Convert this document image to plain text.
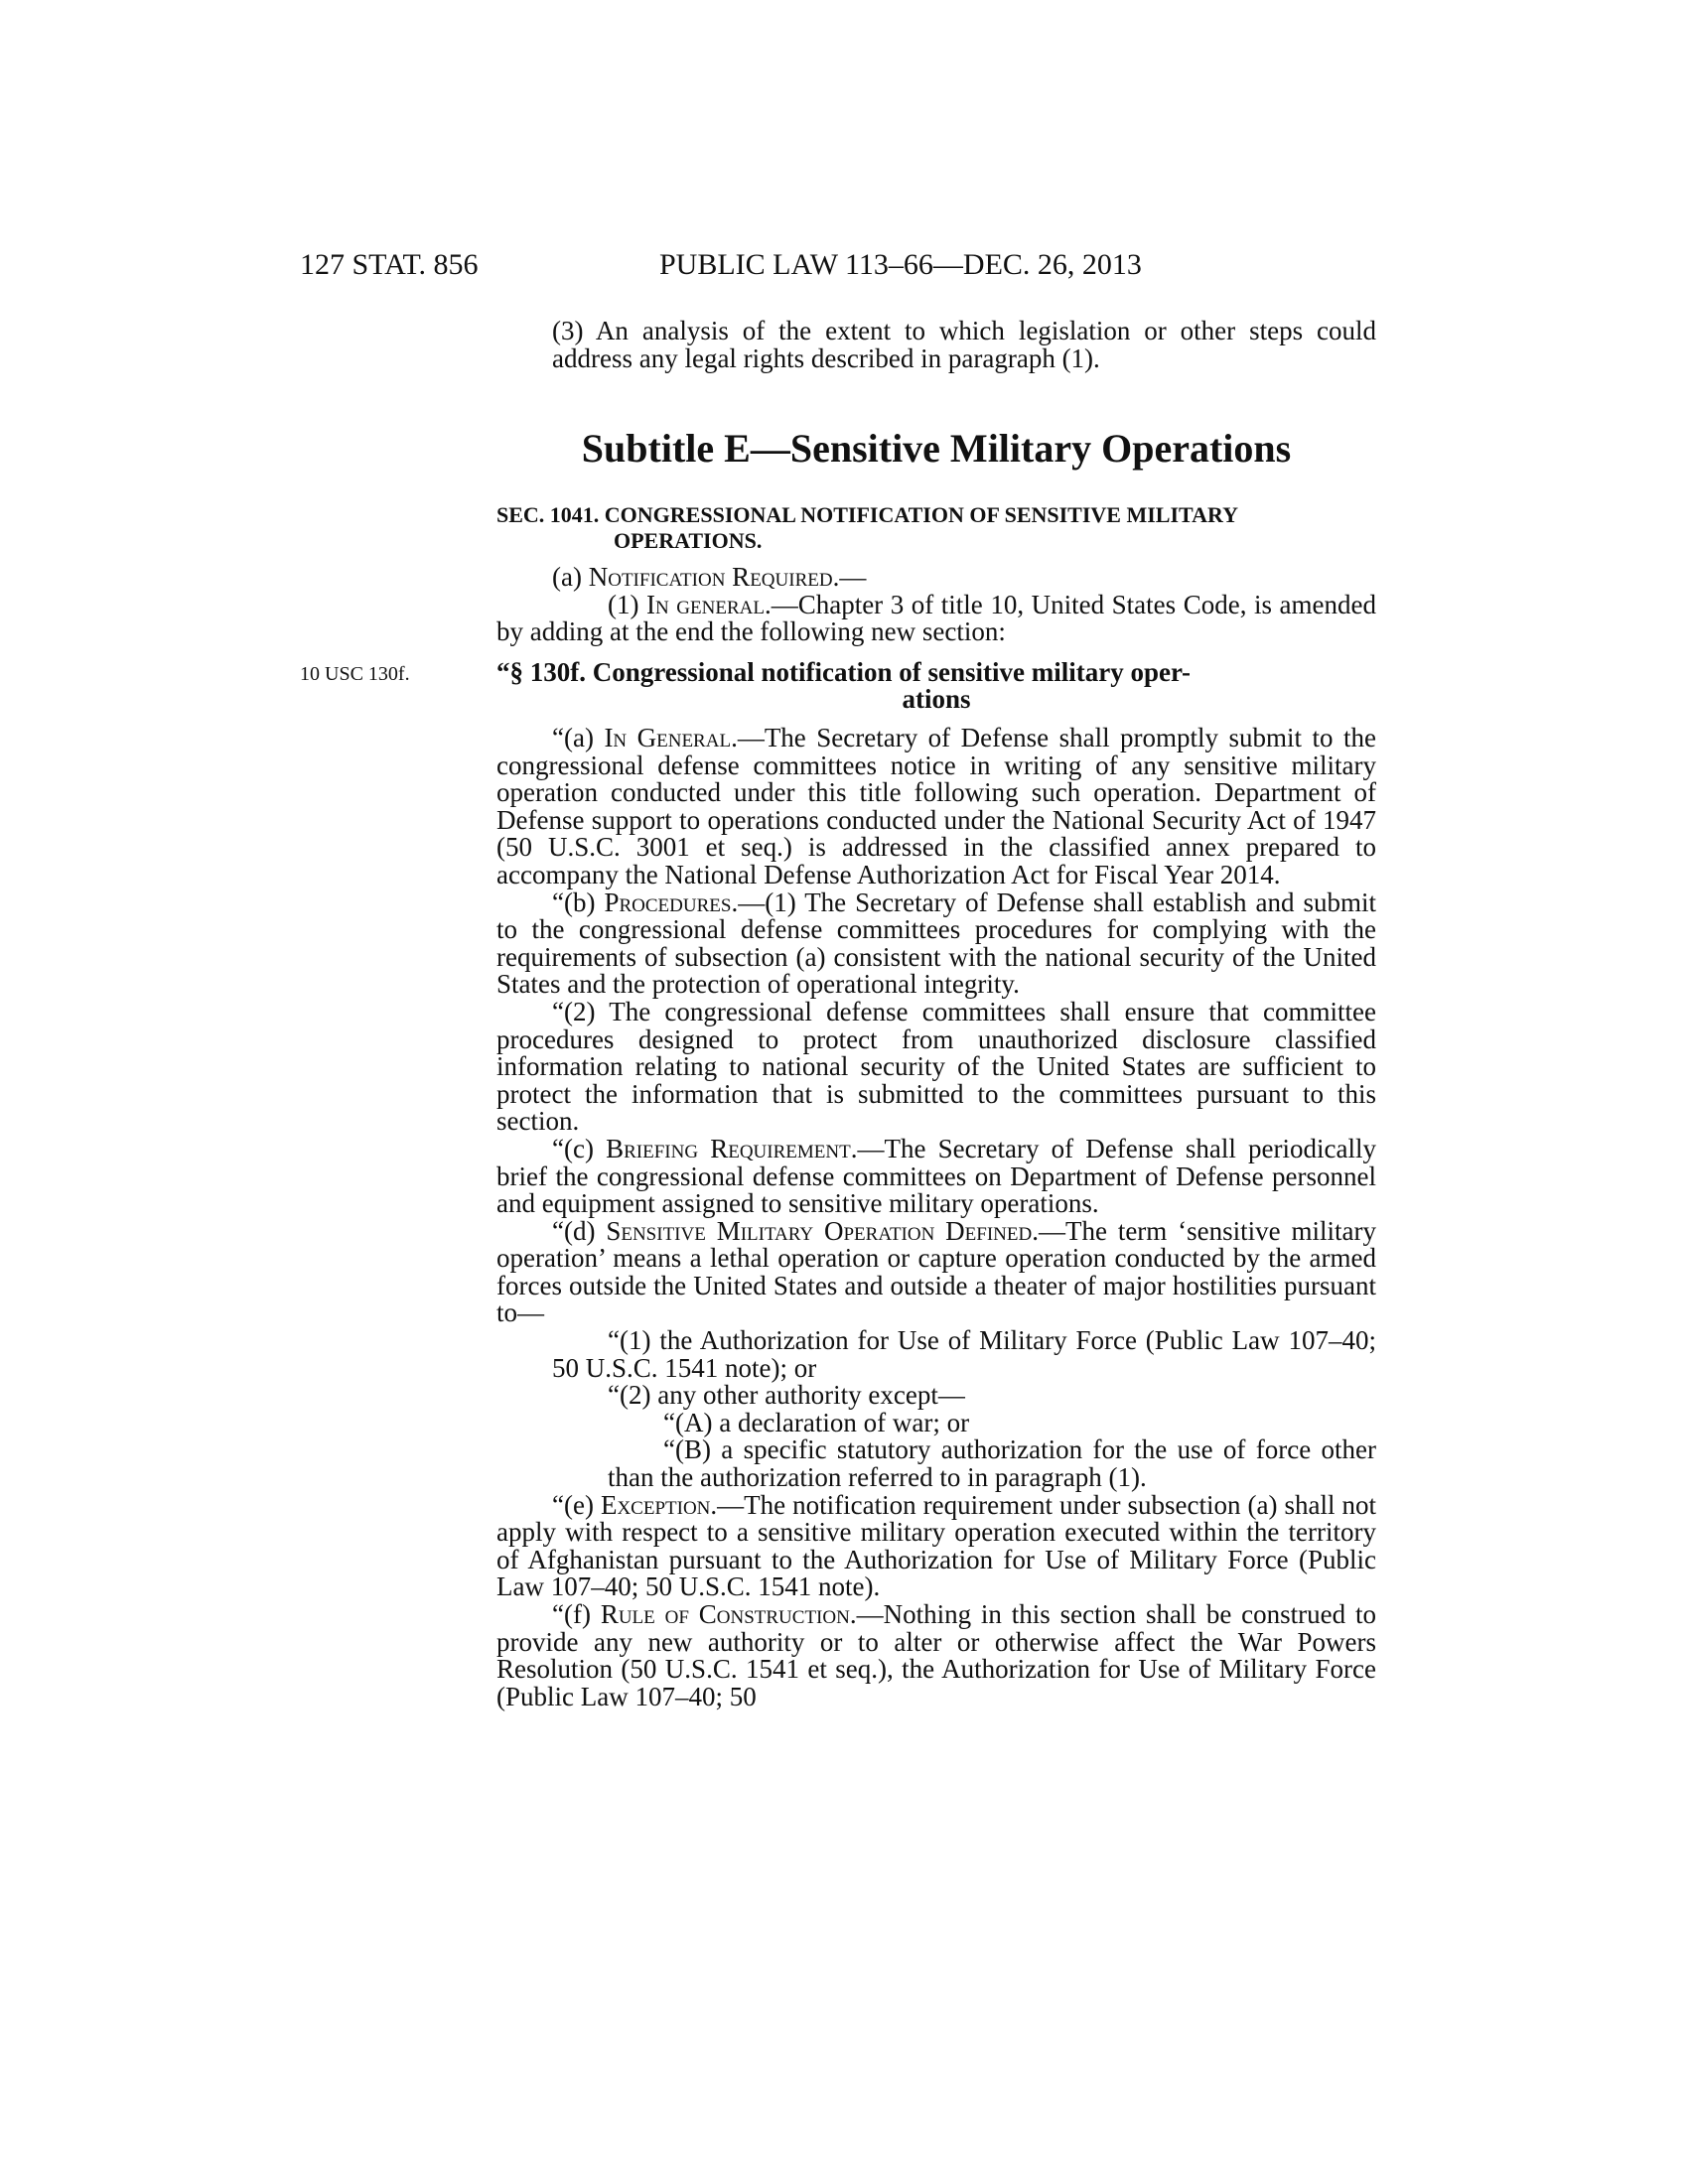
127 STAT. 856	PUBLIC LAW 113–66—DEC. 26, 2013

(3) An analysis of the extent to which legislation or other steps could address any legal rights described in paragraph (1).

Subtitle E—Sensitive Military Operations
SEC. 1041. CONGRESSIONAL NOTIFICATION OF SENSITIVE MILITARY
OPERATIONS.

(a) Notification Required.—

(1) In general.—Chapter 3 of title 10, United States Code, is amended by adding at the end the following new section:

10 USC 130f.	“§ 130f. Congressional notification of sensitive military oper-
ations

“(a) In General.—The Secretary of Defense shall promptly submit to the congressional defense committees notice in writing of any sensitive military operation conducted under this title following such operation. Department of Defense support to operations conducted under the National Security Act of 1947 (50 U.S.C. 3001 et seq.) is addressed in the classified annex prepared to accompany the National Defense Authorization Act for Fiscal Year 2014.

“(b) Procedures.—(1) The Secretary of Defense shall establish and submit to the congressional defense committees procedures for complying with the requirements of subsection (a) consistent with the national security of the United States and the protection of operational integrity.

“(2) The congressional defense committees shall ensure that committee procedures designed to protect from unauthorized disclosure classified information relating to national security of the United States are sufficient to protect the information that is submitted to the committees pursuant to this section.

“(c) Briefing Requirement.—The Secretary of Defense shall periodically brief the congressional defense committees on Department of Defense personnel and equipment assigned to sensitive military operations.

“(d) Sensitive Military Operation Defined.—The term ‘sensitive military operation’ means a lethal operation or capture operation conducted by the armed forces outside the United States and outside a theater of major hostilities pursuant to—

“(1) the Authorization for Use of Military Force (Public Law 107–40; 50 U.S.C. 1541 note); or

“(2) any other authority except—

“(A) a declaration of war; or

“(B) a specific statutory authorization for the use of force other than the authorization referred to in paragraph (1).

“(e) Exception.—The notification requirement under subsection (a) shall not apply with respect to a sensitive military operation executed within the territory of Afghanistan pursuant to the Authorization for Use of Military Force (Public Law 107–40; 50 U.S.C. 1541 note).

“(f) Rule of Construction.—Nothing in this section shall be construed to provide any new authority or to alter or otherwise affect the War Powers Resolution (50 U.S.C. 1541 et seq.), the Authorization for Use of Military Force (Public Law 107–40; 50
